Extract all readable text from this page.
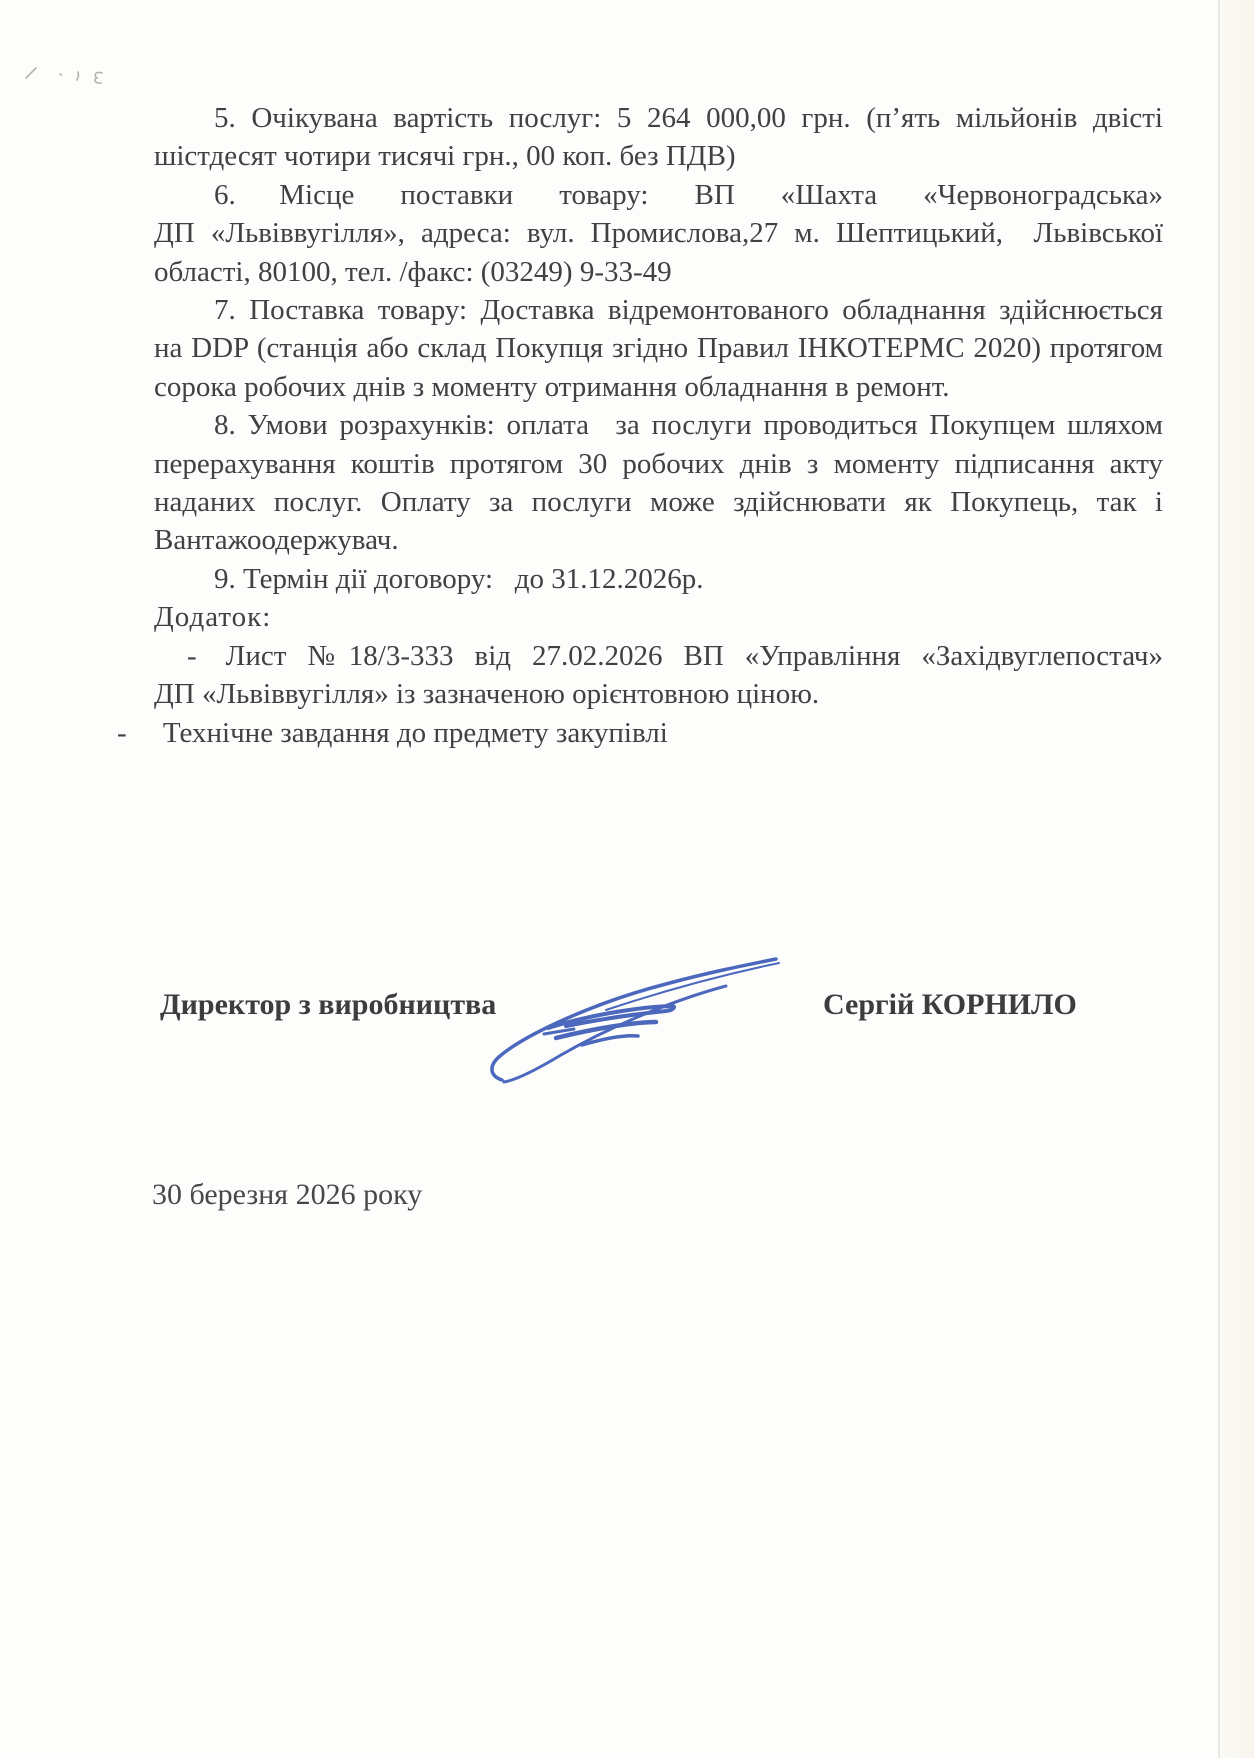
5. Очікувана вартість послуг: 5 264 000,00 грн. (п’ять мільйонів двісті
шістдесят чотири тисячі грн., 00 коп. без ПДВ)
6.  Місце поставки товару: ВП «Шахта «Червоноградська»
ДП «Львіввугілля», адреса: вул. Промислова,27 м. Шептицький,  Львівської
області, 80100, тел. /факс: (03249) 9-33-49
7. Поставка товару: Доставка відремонтованого обладнання здійснюється
на DDP (станція або склад Покупця згідно Правил ІНКОТЕРМС 2020) протягом
сорока робочих днів з моменту отримання обладнання в ремонт.
8. Умови розрахунків: оплата  за послуги проводиться Покупцем шляхом
перерахування коштів протягом 30 робочих днів з моменту підписання акту
наданих послуг. Оплату за послуги може здійснювати як Покупець, так і
Вантажоодержувач.
9. Термін дії договору:  до 31.12.2026р.
Додаток:
- Лист №18/3-333 від 27.02.2026 ВП «Управління «Західвуглепостач»
ДП «Львіввугілля» із зазначеною орієнтовною ціною.
-  Технічне завдання до предмету закупівлі
Директор з виробництва	Сергій КОРНИЛО
30 березня 2026 року
